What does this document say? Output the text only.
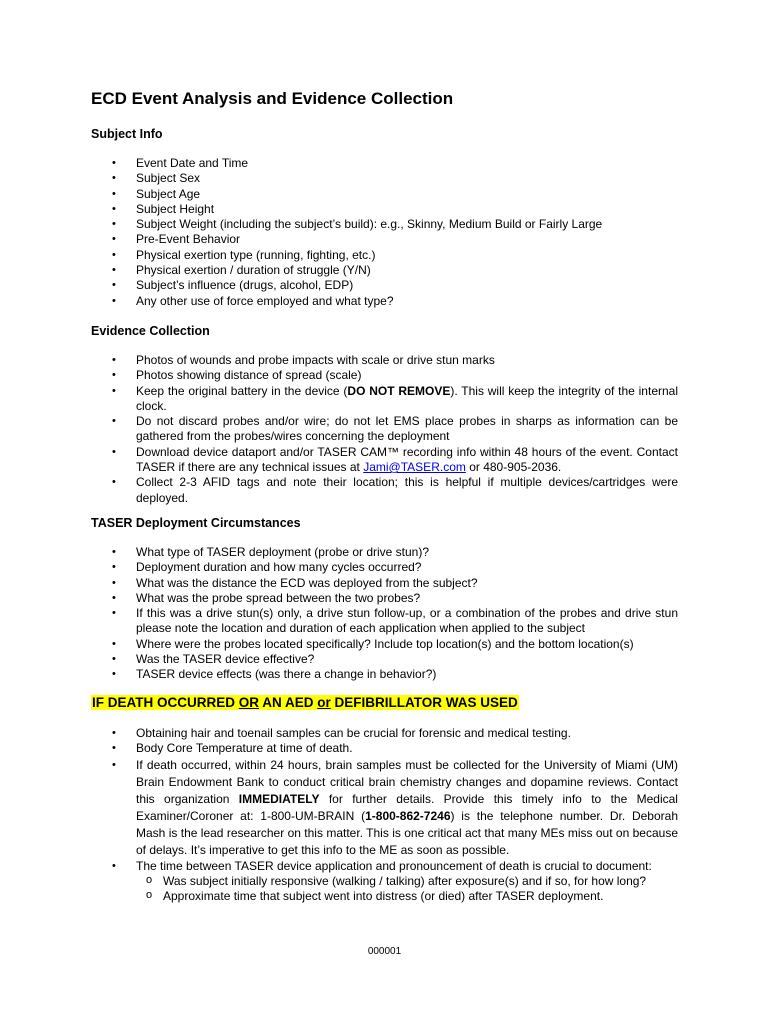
ECD Event Analysis and Evidence Collection
Subject Info
• Event Date and Time
• Subject Sex
• Subject Age
• Subject Height
• Subject Weight (including the subject’s build): e.g., Skinny, Medium Build or Fairly Large
• Pre-Event Behavior
• Physical exertion type (running, fighting, etc.)
• Physical exertion / duration of struggle (Y/N)
• Subject’s influence (drugs, alcohol, EDP)
• Any other use of force employed and what type?
Evidence Collection
• Photos of wounds and probe impacts with scale or drive stun marks
• Photos showing distance of spread (scale)
• Keep the original battery in the device (DO NOT REMOVE). This will keep the integrity of the internal clock.
• Do not discard probes and/or wire; do not let EMS place probes in sharps as information can be gathered from the probes/wires concerning the deployment
• Download device dataport and/or TASER CAM™ recording info within 48 hours of the event. Contact TASER if there are any technical issues at Jami@TASER.com or 480-905-2036.
• Collect 2-3 AFID tags and note their location; this is helpful if multiple devices/cartridges were deployed.
TASER Deployment Circumstances
• What type of TASER deployment (probe or drive stun)?
• Deployment duration and how many cycles occurred?
• What was the distance the ECD was deployed from the subject?
• What was the probe spread between the two probes?
• If this was a drive stun(s) only, a drive stun follow-up, or a combination of the probes and drive stun please note the location and duration of each application when applied to the subject
• Where were the probes located specifically? Include top location(s) and the bottom location(s)
• Was the TASER device effective?
• TASER device effects (was there a change in behavior?)
IF DEATH OCCURRED OR AN AED or DEFIBRILLATOR WAS USED
• Obtaining hair and toenail samples can be crucial for forensic and medical testing.
• Body Core Temperature at time of death.
• If death occurred, within 24 hours, brain samples must be collected for the University of Miami (UM) Brain Endowment Bank to conduct critical brain chemistry changes and dopamine reviews. Contact this organization IMMEDIATELY for further details. Provide this timely info to the Medical Examiner/Coroner at: 1-800-UM-BRAIN (1-800-862-7246) is the telephone number. Dr. Deborah Mash is the lead researcher on this matter. This is one critical act that many MEs miss out on because of delays. It’s imperative to get this info to the ME as soon as possible.
• The time between TASER device application and pronouncement of death is crucial to document:
o Was subject initially responsive (walking / talking) after exposure(s) and if so, for how long?
o Approximate time that subject went into distress (or died) after TASER deployment.
000001
